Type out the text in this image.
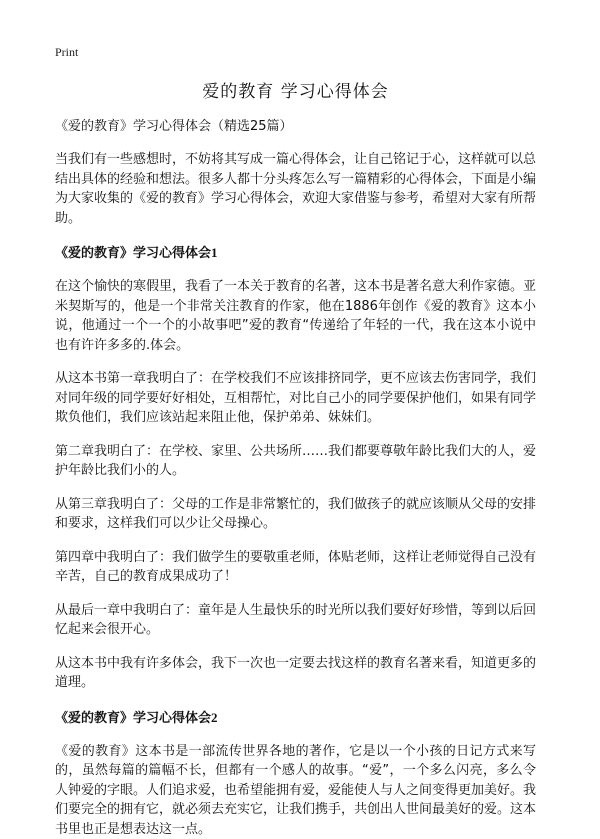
Print

爱的教育 学习心得体会
《爱的教育》学习心得体会（精选25篇）

当我们有一些感想时，不妨将其写成一篇心得体会，让自己铭记于心，这样就可以总结出具体的经验和想法。很多人都十分头疼怎么写一篇精彩的心得体会，下面是小编为大家收集的《爱的教育》学习心得体会，欢迎大家借鉴与参考，希望对大家有所帮助。

《爱的教育》学习心得体会1

在这个愉快的寒假里，我看了一本关于教育的名著，这本书是著名意大利作家德。亚米契斯写的，他是一个非常关注教育的作家，他在1886年创作《爱的教育》这本小说，他通过一个一个的小故事吧”爱的教育“传递给了年轻的一代，我在这本小说中也有许许多多的.体会。

从这本书第一章我明白了：在学校我们不应该排挤同学，更不应该去伤害同学，我们对同年级的同学要好好相处，互相帮忙，对比自己小的同学要保护他们，如果有同学欺负他们，我们应该站起来阻止他，保护弟弟、妹妹们。

第二章我明白了：在学校、家里、公共场所……我们都要尊敬年龄比我们大的人，爱护年龄比我们小的人。

从第三章我明白了：父母的工作是非常繁忙的，我们做孩子的就应该顺从父母的安排和要求，这样我们可以少让父母操心。

第四章中我明白了：我们做学生的要敬重老师，体贴老师，这样让老师觉得自己没有辛苦，自己的教育成果成功了！

从最后一章中我明白了：童年是人生最快乐的时光所以我们要好好珍惜，等到以后回忆起来会很开心。

从这本书中我有许多体会，我下一次也一定要去找这样的教育名著来看，知道更多的道理。

《爱的教育》学习心得体会2

《爱的教育》这本书是一部流传世界各地的著作，它是以一个小孩的日记方式来写的，虽然每篇的篇幅不长，但都有一个感人的故事。“爱”，一个多么闪亮，多么令人钟爱的字眼。人们追求爱，也希望能拥有爱，爱能使人与人之间变得更加美好。我们要完全的拥有它，就必须去充实它，让我们携手，共创出人世间最美好的爱。这本书里也正是想表达这一点。
